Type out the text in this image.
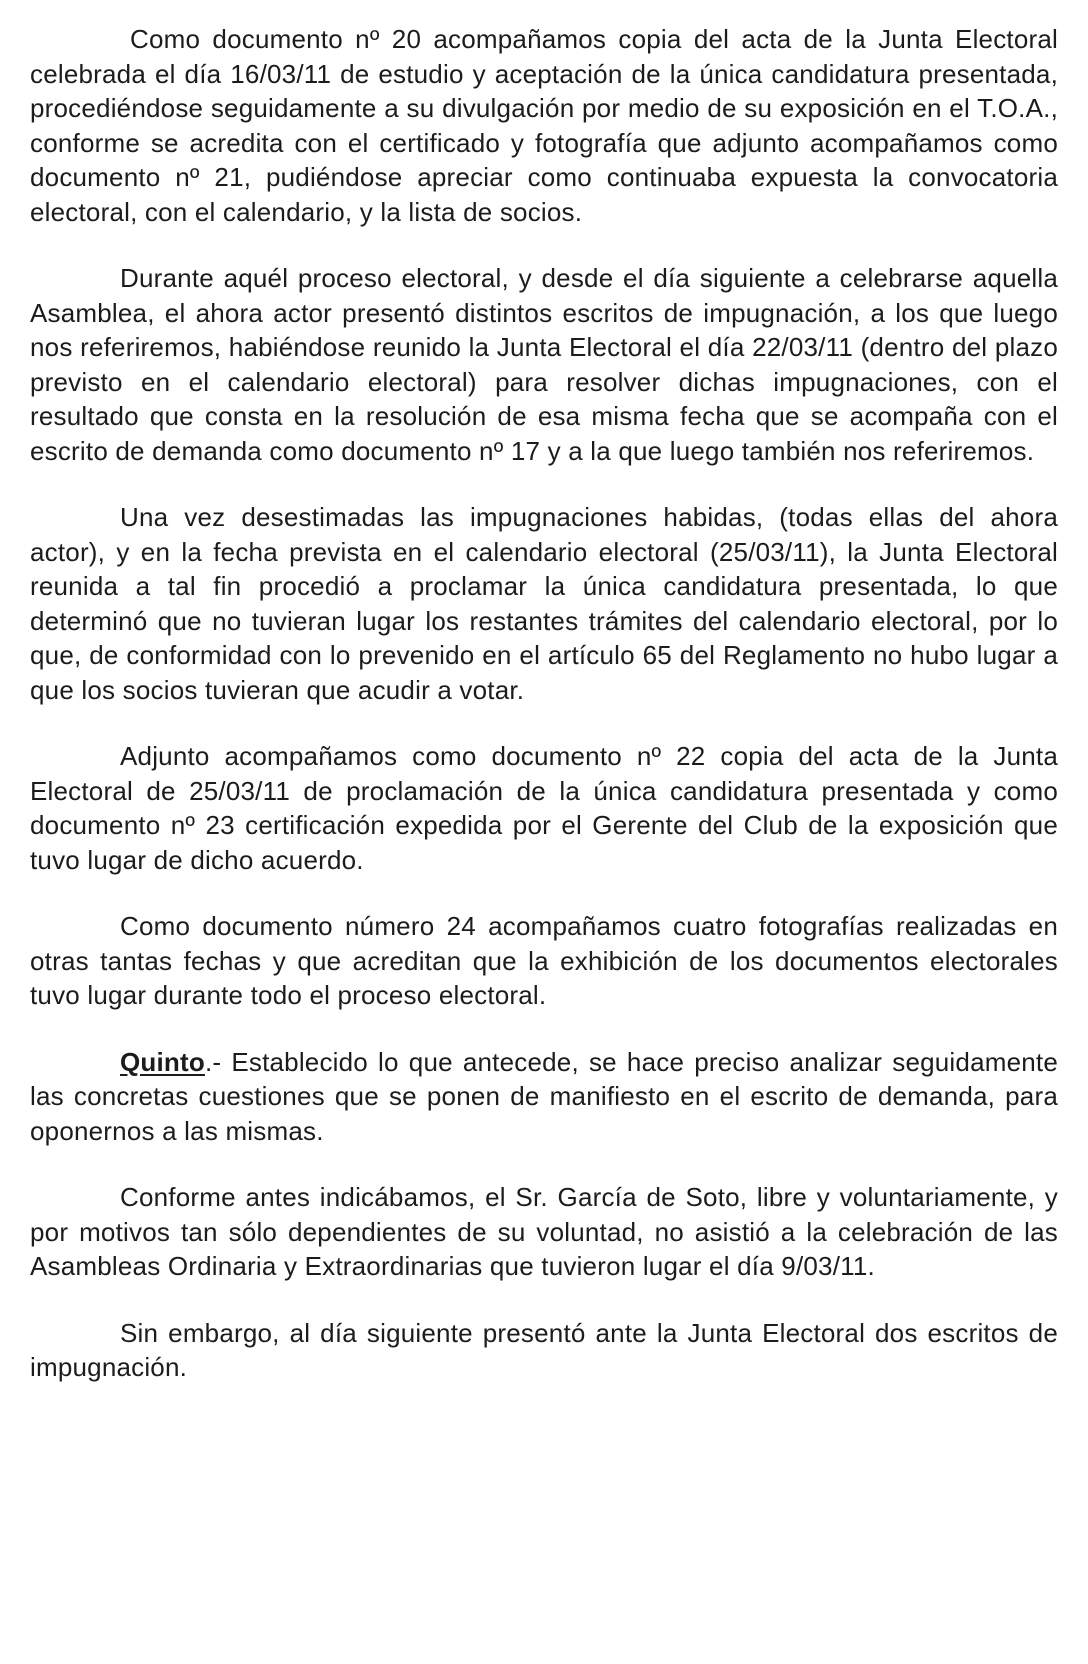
Como documento nº 20 acompañamos copia del acta de la Junta Electoral celebrada el día 16/03/11 de estudio y aceptación de la única candidatura presentada, procediéndose seguidamente a su divulgación por medio de su exposición en el T.O.A., conforme se acredita con el certificado y fotografía que adjunto acompañamos como documento nº 21, pudiéndose apreciar como continuaba expuesta la convocatoria electoral, con el calendario, y la lista de socios.

Durante aquél proceso electoral, y desde el día siguiente a celebrarse aquella Asamblea, el ahora actor presentó distintos escritos de impugnación, a los que luego nos referiremos, habiéndose reunido la Junta Electoral el día 22/03/11 (dentro del plazo previsto en el calendario electoral) para resolver dichas impugnaciones, con el resultado que consta en la resolución de esa misma fecha que se acompaña con el escrito de demanda como documento nº 17 y a la que luego también nos referiremos.

Una vez desestimadas las impugnaciones habidas, (todas ellas del ahora actor), y en la fecha prevista en el calendario electoral (25/03/11), la Junta Electoral reunida a tal fin procedió a proclamar la única candidatura presentada, lo que determinó que no tuvieran lugar los restantes trámites del calendario electoral, por lo que, de conformidad con lo prevenido en el artículo 65 del Reglamento no hubo lugar a que los socios tuvieran que acudir a votar.

Adjunto acompañamos como documento nº 22 copia del acta de la Junta Electoral de 25/03/11 de proclamación de la única candidatura presentada y como documento nº 23 certificación expedida por el Gerente del Club de la exposición que tuvo lugar de dicho acuerdo.

Como documento número 24 acompañamos cuatro fotografías realizadas en otras tantas fechas y que acreditan que la exhibición de los documentos electorales tuvo lugar durante todo el proceso electoral.

Quinto.- Establecido lo que antecede, se hace preciso analizar seguidamente las concretas cuestiones que se ponen de manifiesto en el escrito de demanda, para oponernos a las mismas.

Conforme antes indicábamos, el Sr. García de Soto, libre y voluntariamente, y por motivos tan sólo dependientes de su voluntad, no asistió a la celebración de las Asambleas Ordinaria y Extraordinarias que tuvieron lugar el día 9/03/11.

Sin embargo, al día siguiente presentó ante la Junta Electoral dos escritos de impugnación.
